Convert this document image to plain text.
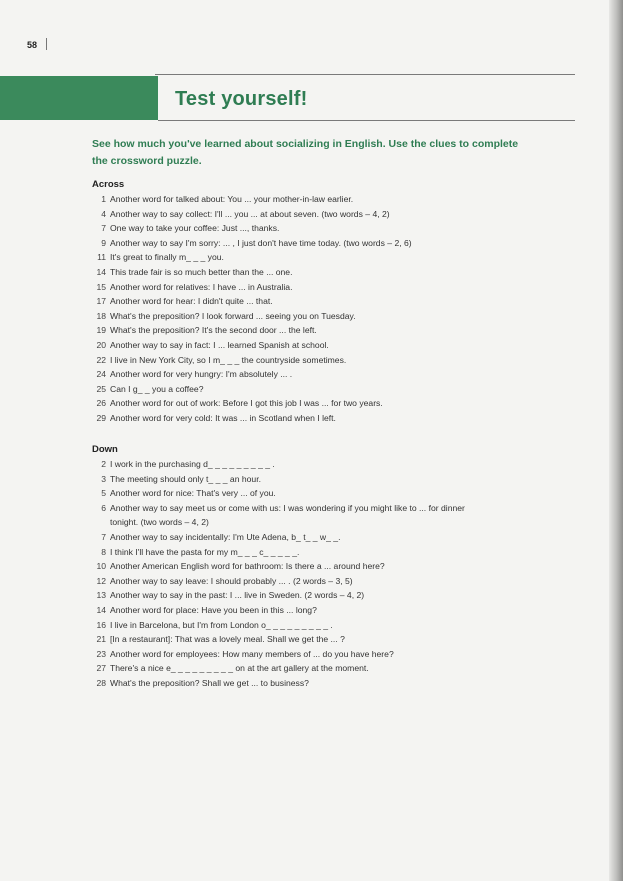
58
Test yourself!

See how much you've learned about socializing in English. Use the clues to complete the crossword puzzle.

Across
1 Another word for talked about: You ... your mother-in-law earlier.
4 Another way to say collect: I'll ... you ... at about seven. (two words – 4, 2)
7 One way to take your coffee: Just ..., thanks.
9 Another way to say I'm sorry: ... , I just don't have time today. (two words – 2, 6)
11 It's great to finally m_ _ _ you.
14 This trade fair is so much better than the ... one.
15 Another word for relatives: I have ... in Australia.
17 Another word for hear: I didn't quite ... that.
18 What's the preposition? I look forward ... seeing you on Tuesday.
19 What's the preposition? It's the second door ... the left.
20 Another way to say in fact: I ... learned Spanish at school.
22 I live in New York City, so I m_ _ _ the countryside sometimes.
24 Another word for very hungry: I'm absolutely ... .
25 Can I g_ _ you a coffee?
26 Another word for out of work: Before I got this job I was ... for two years.
29 Another word for very cold: It was ... in Scotland when I left.
Down
2 I work in the purchasing d_ _ _ _ _ _ _ _ _ .
3 The meeting should only t_ _ _ an hour.
5 Another word for nice: That's very ... of you.
6 Another way to say meet us or come with us: I was wondering if you might like to ... for dinner
tonight. (two words – 4, 2)
7 Another way to say incidentally: I'm Ute Adena, b_ t_ _ w_ _.
8 I think I'll have the pasta for my m_ _ _ c_ _ _ _ _.
10 Another American English word for bathroom: Is there a ... around here?
12 Another way to say leave: I should probably ... . (2 words – 3, 5)
13 Another way to say in the past: I ... live in Sweden. (2 words – 4, 2)
14 Another word for place: Have you been in this ... long?
16 I live in Barcelona, but I'm from London o_ _ _ _ _ _ _ _ _ .
21 [In a restaurant]: That was a lovely meal. Shall we get the ... ?
23 Another word for employees: How many members of ... do you have here?
27 There's a nice e_ _ _ _ _ _ _ _ _ on at the art gallery at the moment.
28 What's the preposition? Shall we get ... to business?
